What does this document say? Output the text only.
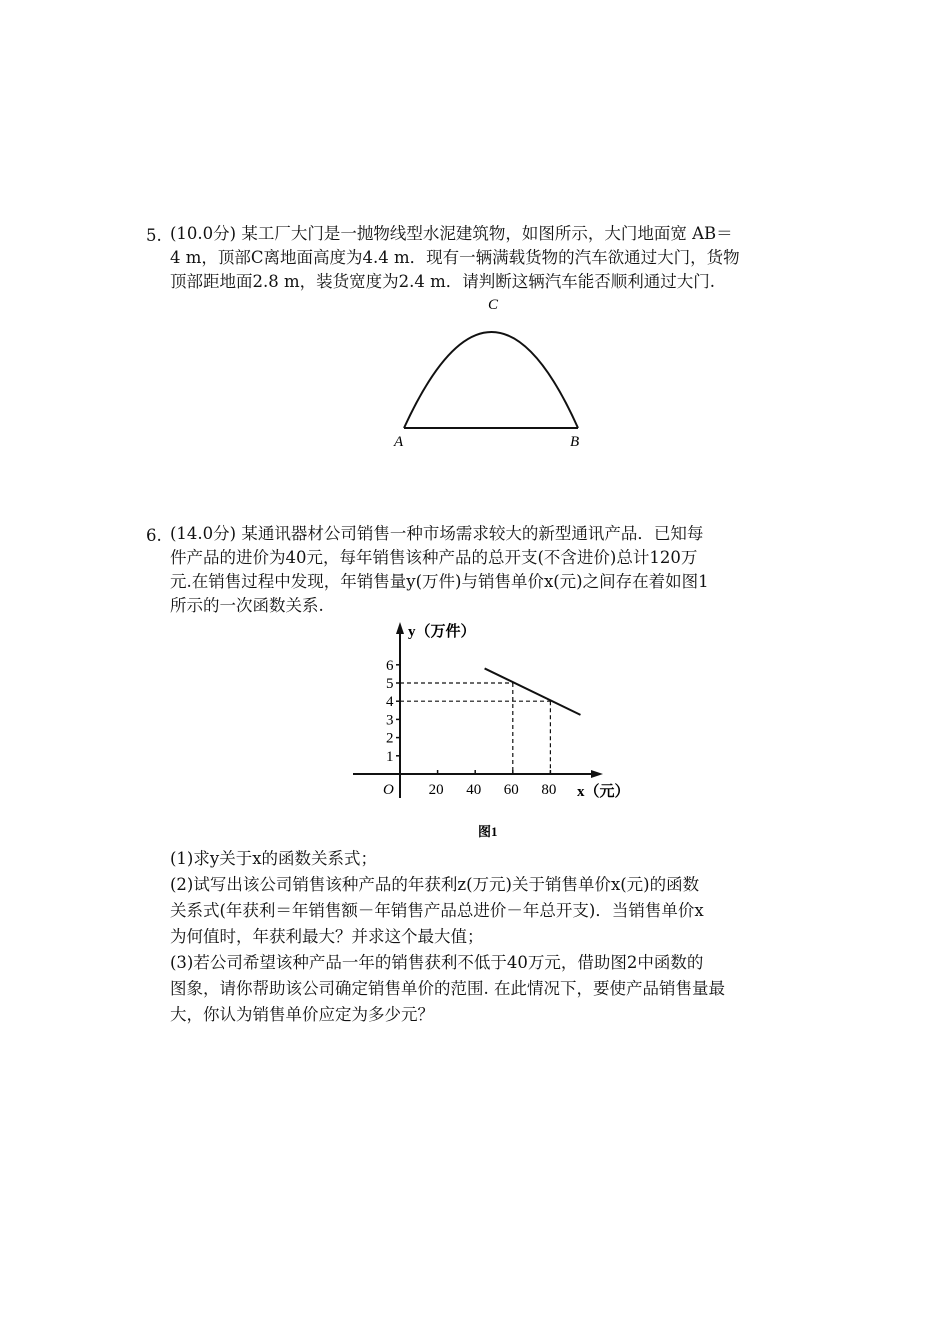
5. (10.0分) 某工厂大门是一抛物线型水泥建筑物，如图所示，大门地面宽 AB＝
4 m，顶部C离地面高度为4.4 m．现有一辆满载货物的汽车欲通过大门，货物
顶部距地面2.8 m，装货宽度为2.4 m．请判断这辆汽车能否顺利通过大门.
A	B
C
6. (14.0分) 某通讯器材公司销售一种市场需求较大的新型通讯产品．已知每
件产品的进价为40元，每年销售该种产品的总开支(不含进价)总计120万
元.在销售过程中发现，年销售量y(万件)与销售单价x(元)之间存在着如图1
所示的一次函数关系.
y（万件）
x（元）
O
1
2
3
4
5
6
20 40 60 80
图1
(1)求y关于x的函数关系式；
(2)试写出该公司销售该种产品的年获利z(万元)关于销售单价x(元)的函数
关系式(年获利＝年销售额－年销售产品总进价－年总开支)．当销售单价x
为何值时，年获利最大？并求这个最大值；
(3)若公司希望该种产品一年的销售获利不低于40万元，借助图2中函数的
图象，请你帮助该公司确定销售单价的范围. 在此情况下，要使产品销售量最
大，你认为销售单价应定为多少元？
